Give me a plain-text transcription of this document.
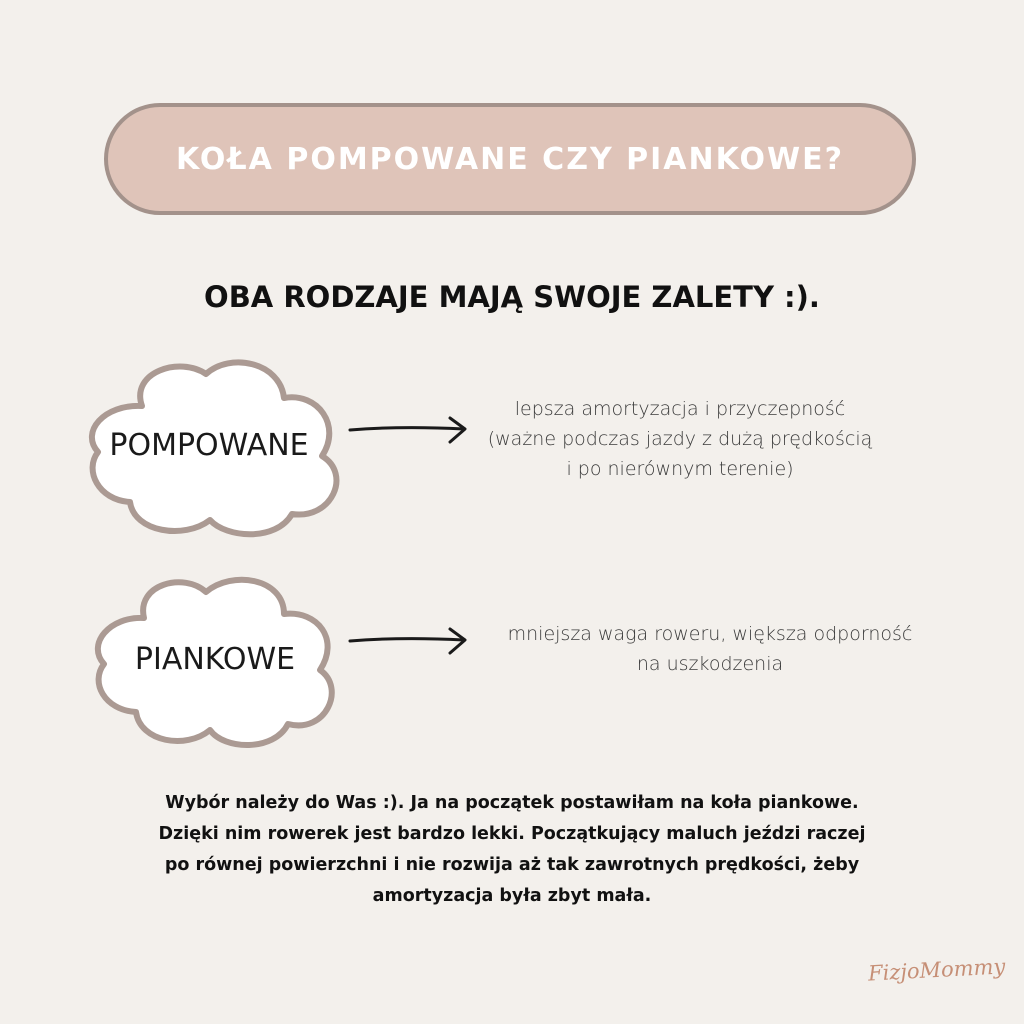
KOŁA POMPOWANE CZY PIANKOWE?
OBA RODZAJE MAJĄ SWOJE ZALETY :).
POMPOWANE
PIANKOWE
lepsza amortyzacja i przyczepność
(ważne podczas jazdy z dużą prędkością
i po nierównym terenie)
mniejsza waga roweru, większa odporność
na uszkodzenia
Wybór należy do Was :). Ja na początek postawiłam na koła piankowe.
Dzięki nim rowerek jest bardzo lekki. Początkujący maluch jeździ raczej
po równej powierzchni i nie rozwija aż tak zawrotnych prędkości, żeby
amortyzacja była zbyt mała.
FizjoMommy
